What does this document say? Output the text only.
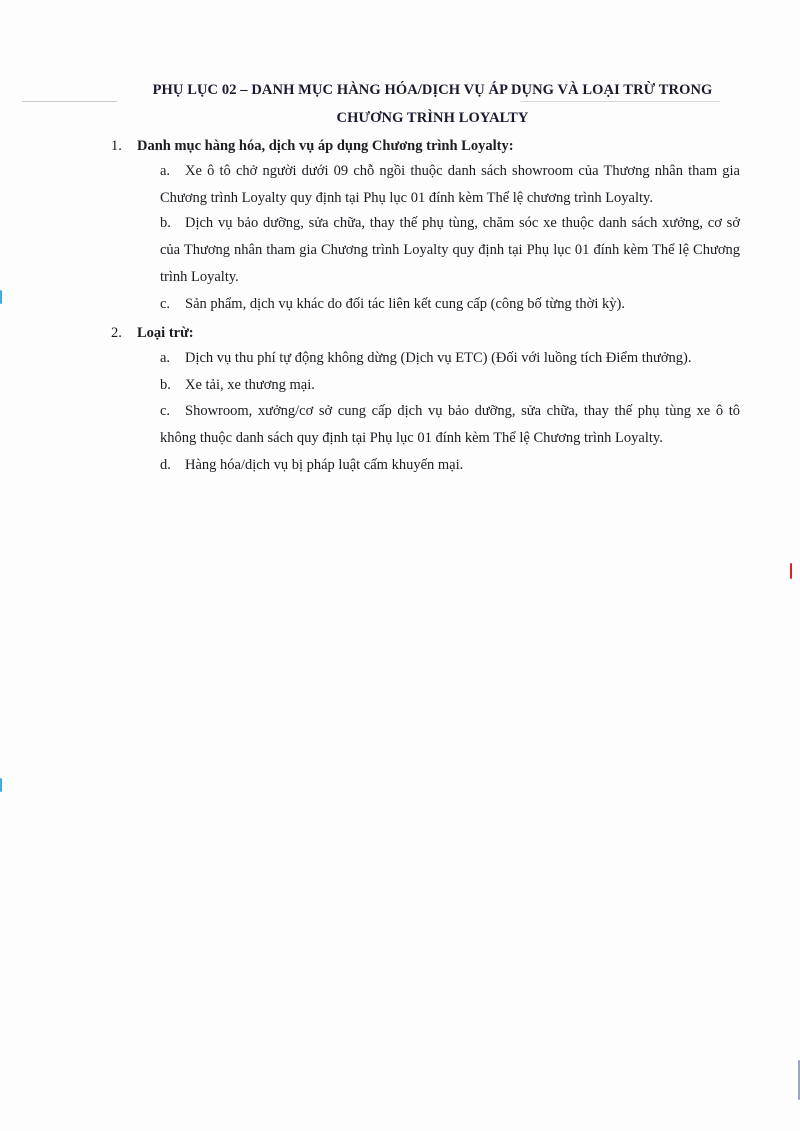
PHỤ LỤC 02 – DANH MỤC HÀNG HÓA/DỊCH VỤ ÁP DỤNG VÀ LOẠI TRỪ TRONG
CHƯƠNG TRÌNH LOYALTY
1. Danh mục hàng hóa, dịch vụ áp dụng Chương trình Loyalty:
a. Xe ô tô chở người dưới 09 chỗ ngồi thuộc danh sách showroom của Thương nhân tham gia Chương trình Loyalty quy định tại Phụ lục 01 đính kèm Thể lệ chương trình Loyalty.
b. Dịch vụ bảo dưỡng, sửa chữa, thay thế phụ tùng, chăm sóc xe thuộc danh sách xưởng, cơ sở của Thương nhân tham gia Chương trình Loyalty quy định tại Phụ lục 01 đính kèm Thể lệ Chương trình Loyalty.
c. Sản phẩm, dịch vụ khác do đối tác liên kết cung cấp (công bố từng thời kỳ).
2. Loại trừ:
a. Dịch vụ thu phí tự động không dừng (Dịch vụ ETC) (Đối với luồng tích Điểm thưởng).
b. Xe tải, xe thương mại.
c. Showroom, xưởng/cơ sở cung cấp dịch vụ bảo dưỡng, sửa chữa, thay thế phụ tùng xe ô tô không thuộc danh sách quy định tại Phụ lục 01 đính kèm Thể lệ Chương trình Loyalty.
d. Hàng hóa/dịch vụ bị pháp luật cấm khuyến mại.
